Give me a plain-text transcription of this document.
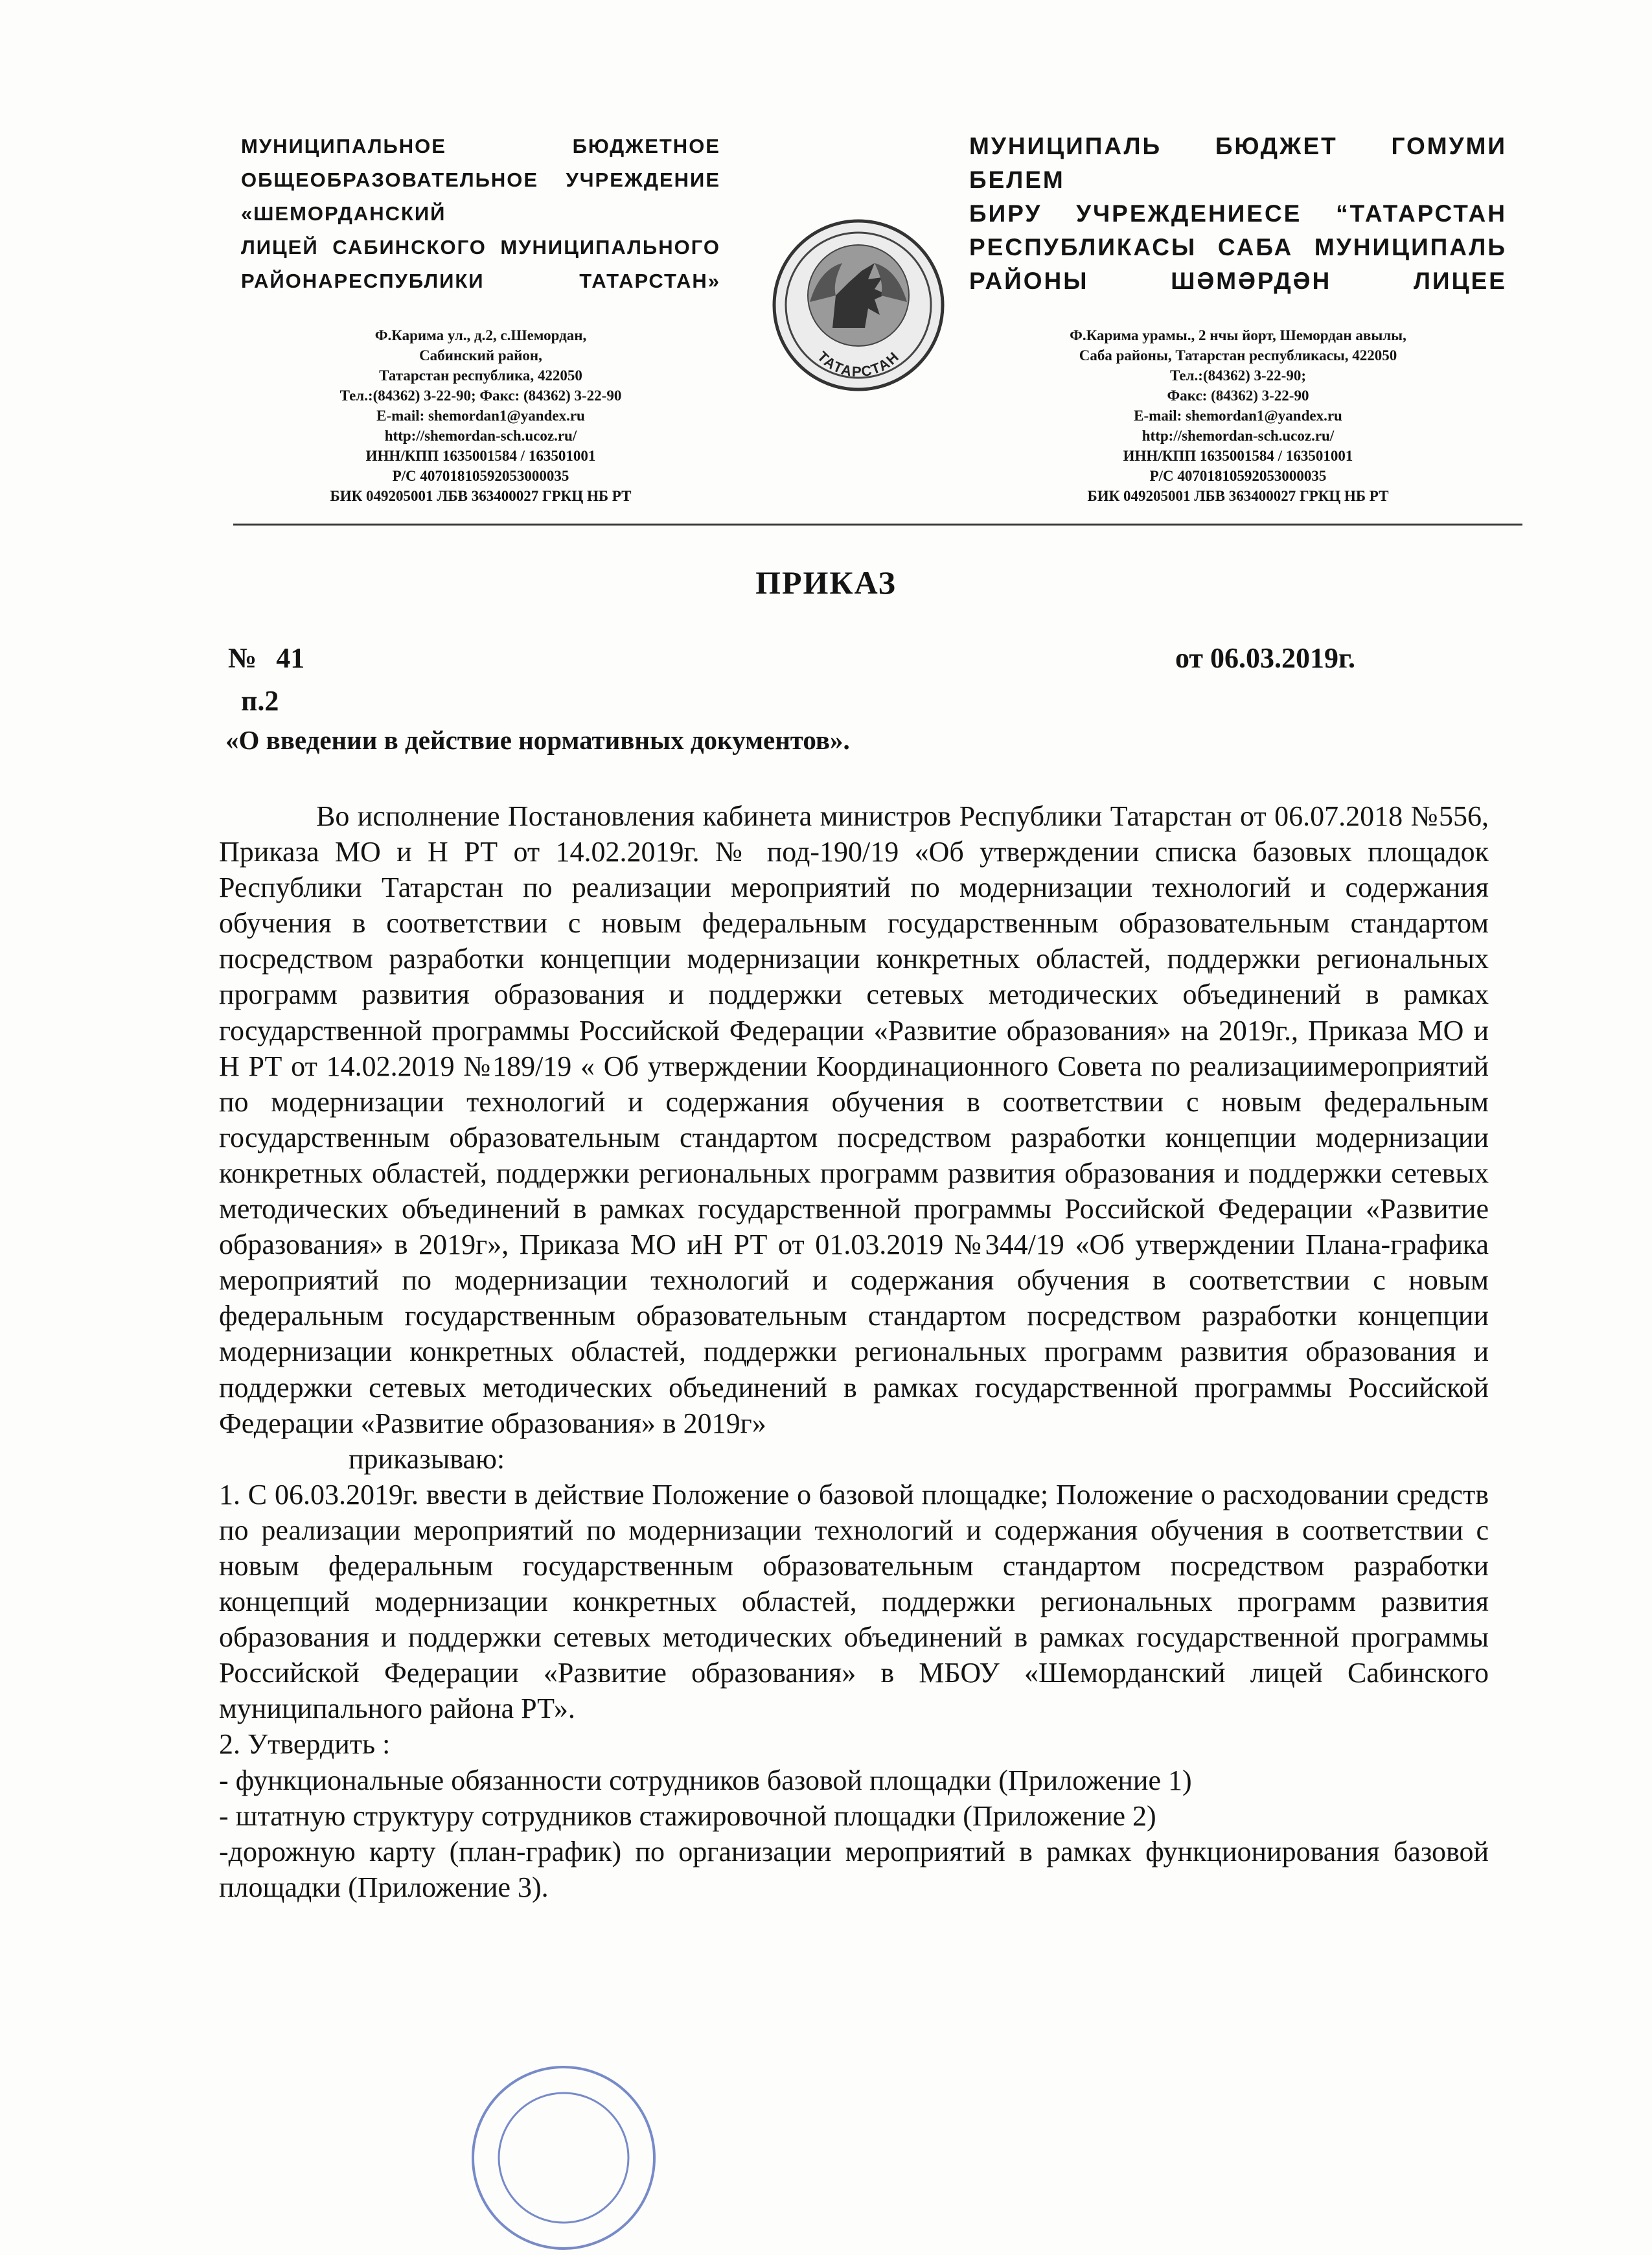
МУНИЦИПАЛЬНОЕ БЮДЖЕТНОЕ
ОБЩЕОБРАЗОВАТЕЛЬНОЕ УЧРЕЖДЕНИЕ «ШЕМОРДАНСКИЙ
ЛИЦЕЙ САБИНСКОГО МУНИЦИПАЛЬНОГО
РАЙОНАРЕСПУБЛИКИ ТАТАРСТАН»
Ф.Карима ул., д.2, с.Шемордан,
Сабинский район,
Татарстан республика, 422050
Тел.:(84362) 3-22-90; Факс: (84362) 3-22-90
E-mail: shemordan1@yandex.ru
http://shemordan-sch.ucoz.ru/
ИНН/КПП 1635001584 / 163501001
Р/С 40701810592053000035
БИК 049205001 ЛБВ 363400027 ГРКЦ НБ РТ
ТАТАРСТАН
МУНИЦИПАЛЬ БЮДЖЕТ ГОМУМИ БЕЛЕМ
БИРУ УЧРЕЖДЕНИЕСЕ “ТАТАРСТАН
РЕСПУБЛИКАСЫ САБА МУНИЦИПАЛЬ
РАЙОНЫ ШӘМӘРДӘН ЛИЦЕЕ
Ф.Карима урамы., 2 нчы йорт, Шемордан авылы,
Саба районы, Татарстан республикасы, 422050
Тел.:(84362) 3-22-90;
Факс: (84362) 3-22-90
E-mail: shemordan1@yandex.ru
http://shemordan-sch.ucoz.ru/
ИНН/КПП 1635001584 / 163501001
Р/С 40701810592053000035
БИК 049205001 ЛБВ 363400027 ГРКЦ НБ РТ
ПРИКАЗ
№ 41	от 06.03.2019г.
п.2
«О введении в действие нормативных документов».

Во исполнение Постановления кабинета министров Республики Татарстан от 06.07.2018 №556, Приказа МО и Н РТ от 14.02.2019г. № под-190/19 «Об утверждении списка базовых площадок Республики Татарстан по реализации мероприятий по модернизации технологий и содержания обучения в соответствии с новым федеральным государственным образовательным стандартом посредством разработки концепции модернизации конкретных областей, поддержки региональных программ развития образования и поддержки сетевых методических объединений в рамках государственной программы Российской Федерации «Развитие образования» на 2019г., Приказа МО и Н РТ от 14.02.2019 №189/19 « Об утверждении Координационного Совета по реализациимероприятий по модернизации технологий и содержания обучения в соответствии с новым федеральным государственным образовательным стандартом посредством разработки концепции модернизации конкретных областей, поддержки региональных программ развития образования и поддержки сетевых методических объединений в рамках государственной программы Российской Федерации «Развитие образования» в 2019г», Приказа МО иН РТ от 01.03.2019 №344/19 «Об утверждении Плана-графика мероприятий по модернизации технологий и содержания обучения в соответствии с новым федеральным государственным образовательным стандартом посредством разработки концепции модернизации конкретных областей, поддержки региональных программ развития образования и поддержки сетевых методических объединений в рамках государственной программы Российской Федерации «Развитие образования» в 2019г»

приказываю:

1. С 06.03.2019г. ввести в действие Положение о базовой площадке; Положение о расходовании средств по реализации мероприятий по модернизации технологий и содержания обучения в соответствии с новым федеральным государственным образовательным стандартом посредством разработки концепций модернизации конкретных областей, поддержки региональных программ развития образования и поддержки сетевых методических объединений в рамках государственной программы Российской Федерации «Развитие образования» в МБОУ «Шеморданский лицей Сабинского муниципального района РТ».

2. Утвердить :

- функциональные обязанности сотрудников базовой площадки (Приложение 1)

- штатную структуру сотрудников стажировочной площадки (Приложение 2)

-дорожную карту (план-график) по организации мероприятий в рамках функционирования базовой площадки (Приложение 3).
